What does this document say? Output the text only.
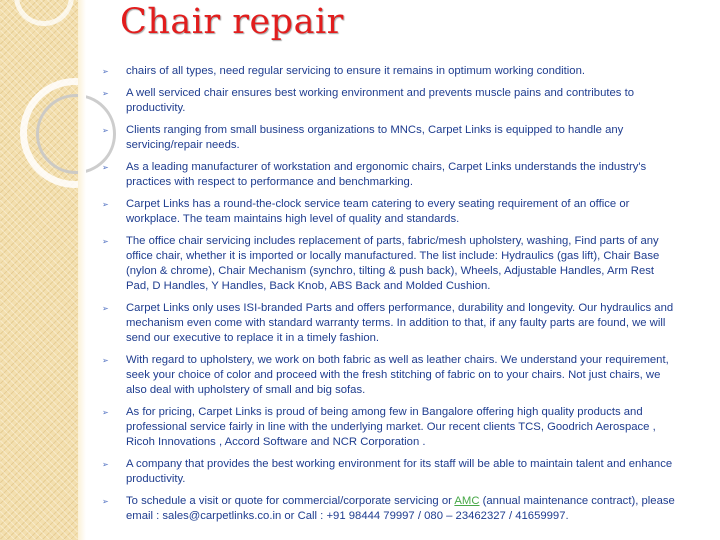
Chair repair
➢ chairs of all types, need regular servicing to ensure it remains in optimum working condition.
➢ A well serviced chair ensures best working environment and prevents muscle pains and contributes to productivity.
➢ Clients ranging from small business organizations to MNCs, Carpet Links is equipped to handle any servicing/repair needs.
➢ As a leading manufacturer of workstation and ergonomic chairs, Carpet Links understands the industry's practices with respect to performance and benchmarking.
➢ Carpet Links has a round-the-clock service team catering to every seating requirement of an office or workplace. The team maintains high level of quality and standards.
➢ The office chair servicing includes replacement of parts, fabric/mesh upholstery, washing, Find parts of any office chair, whether it is imported or locally manufactured. The list include: Hydraulics (gas lift), Chair Base (nylon & chrome), Chair Mechanism (synchro, tilting & push back), Wheels, Adjustable Handles, Arm Rest Pad, D Handles, Y Handles, Back Knob, ABS Back and Molded Cushion.
➢ Carpet Links only uses ISI-branded Parts and offers performance, durability and longevity. Our hydraulics and mechanism even come with standard warranty terms. In addition to that, if any faulty parts are found, we will send our executive to replace it in a timely fashion.
➢ With regard to upholstery, we work on both fabric as well as leather chairs. We understand your requirement, seek your choice of color and proceed with the fresh stitching of fabric on to your chairs. Not just chairs, we also deal with upholstery of small and big sofas.
➢ As for pricing, Carpet Links is proud of being among few in Bangalore offering high quality products and professional service fairly in line with the underlying market. Our recent clients TCS, Goodrich Aerospace , Ricoh Innovations , Accord Software and NCR Corporation .
➢ A company that provides the best working environment for its staff will be able to maintain talent and enhance productivity.
➢ To schedule a visit or quote for commercial/corporate servicing or AMC (annual maintenance contract), please email : sales@carpetlinks.co.in or Call : +91 98444 79997 / 080 – 23462327 / 41659997.
